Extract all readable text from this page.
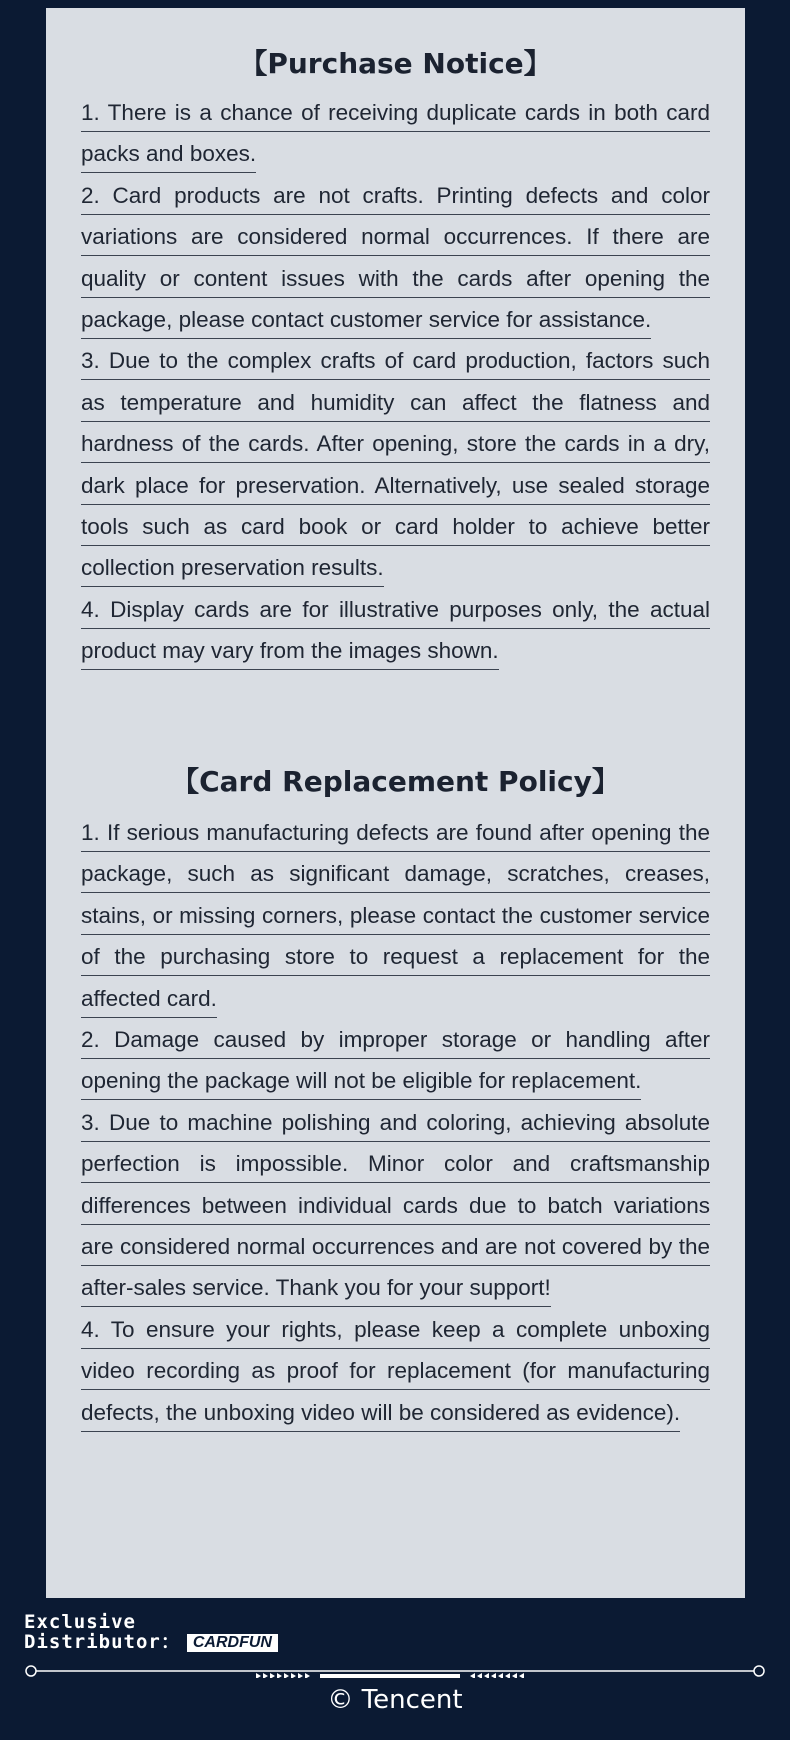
【Purchase Notice】

1. There is a chance of receiving duplicate cards in both card packs and boxes.

2. Card products are not crafts. Printing defects and color variations are considered normal occurrences. If there are quality or content issues with the cards after opening the package, please contact customer service for assistance.

3. Due to the complex crafts of card production, factors such as temperature and humidity can affect the flatness and hardness of the cards. After opening, store the cards in a dry, dark place for preservation. Alternatively, use sealed storage tools such as card book or card holder to achieve better collection preservation results.

4. Display cards are for illustrative purposes only, the actual product may vary from the images shown.

【Card Replacement Policy】

1. If serious manufacturing defects are found after opening the package, such as significant damage, scratches, creases, stains, or missing corners, please contact the customer service of the purchasing store to request a replacement for the affected card.

2. Damage caused by improper storage or handling after opening the package will not be eligible for replacement.

3. Due to machine polishing and coloring, achieving absolute perfection is impossible. Minor color and craftsmanship differences between individual cards due to batch variations are considered normal occurrences and are not covered by the after-sales service. Thank you for your support!

4. To ensure your rights, please keep a complete unboxing video recording as proof for replacement (for manufacturing defects, the unboxing video will be considered as evidence).

Exclusive
Distributor： CARDFUN
© Tencent
